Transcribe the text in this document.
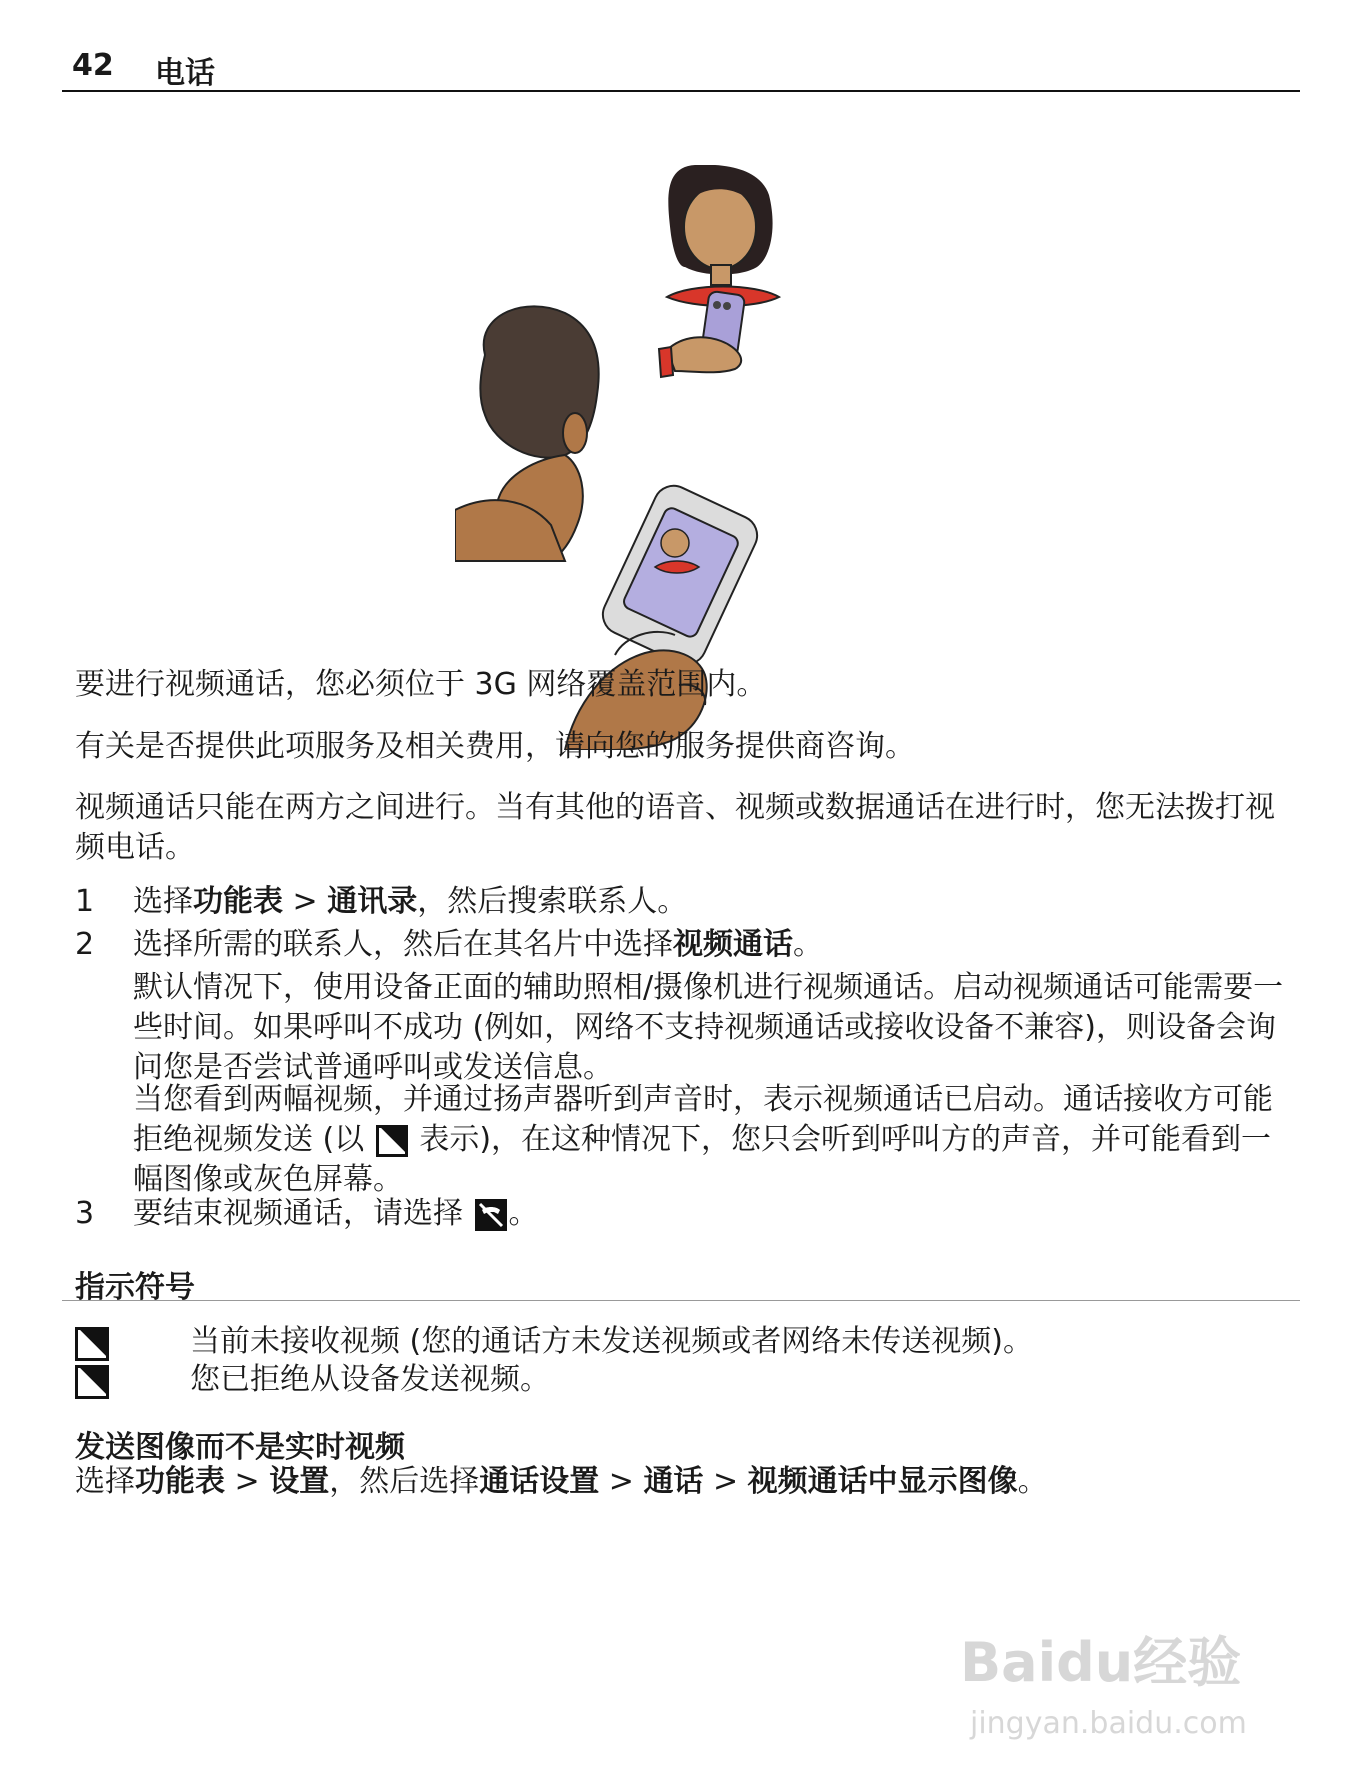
42 电话
要进行视频通话，您必须位于 3G 网络覆盖范围内。
有关是否提供此项服务及相关费用，请向您的服务提供商咨询。
视频通话只能在两方之间进行。当有其他的语音、视频或数据通话在进行时，您无法拨打视频电话。
1 选择功能表 > 通讯录，然后搜索联系人。
2 选择所需的联系人，然后在其名片中选择视频通话。
默认情况下，使用设备正面的辅助照相/摄像机进行视频通话。启动视频通话可能需要一些时间。如果呼叫不成功 (例如，网络不支持视频通话或接收设备不兼容)，则设备会询问您是否尝试普通呼叫或发送信息。
当您看到两幅视频，并通过扬声器听到声音时，表示视频通话已启动。通话接收方可能拒绝视频发送 (以 表示)，在这种情况下，您只会听到呼叫方的声音，并可能看到一幅图像或灰色屏幕。
3 要结束视频通话，请选择 。
指示符号
当前未接收视频 (您的通话方未发送视频或者网络未传送视频)。
您已拒绝从设备发送视频。
发送图像而不是实时视频
选择功能表 > 设置，然后选择通话设置 > 通话 > 视频通话中显示图像。
Baidu经验
jingyan.baidu.com
